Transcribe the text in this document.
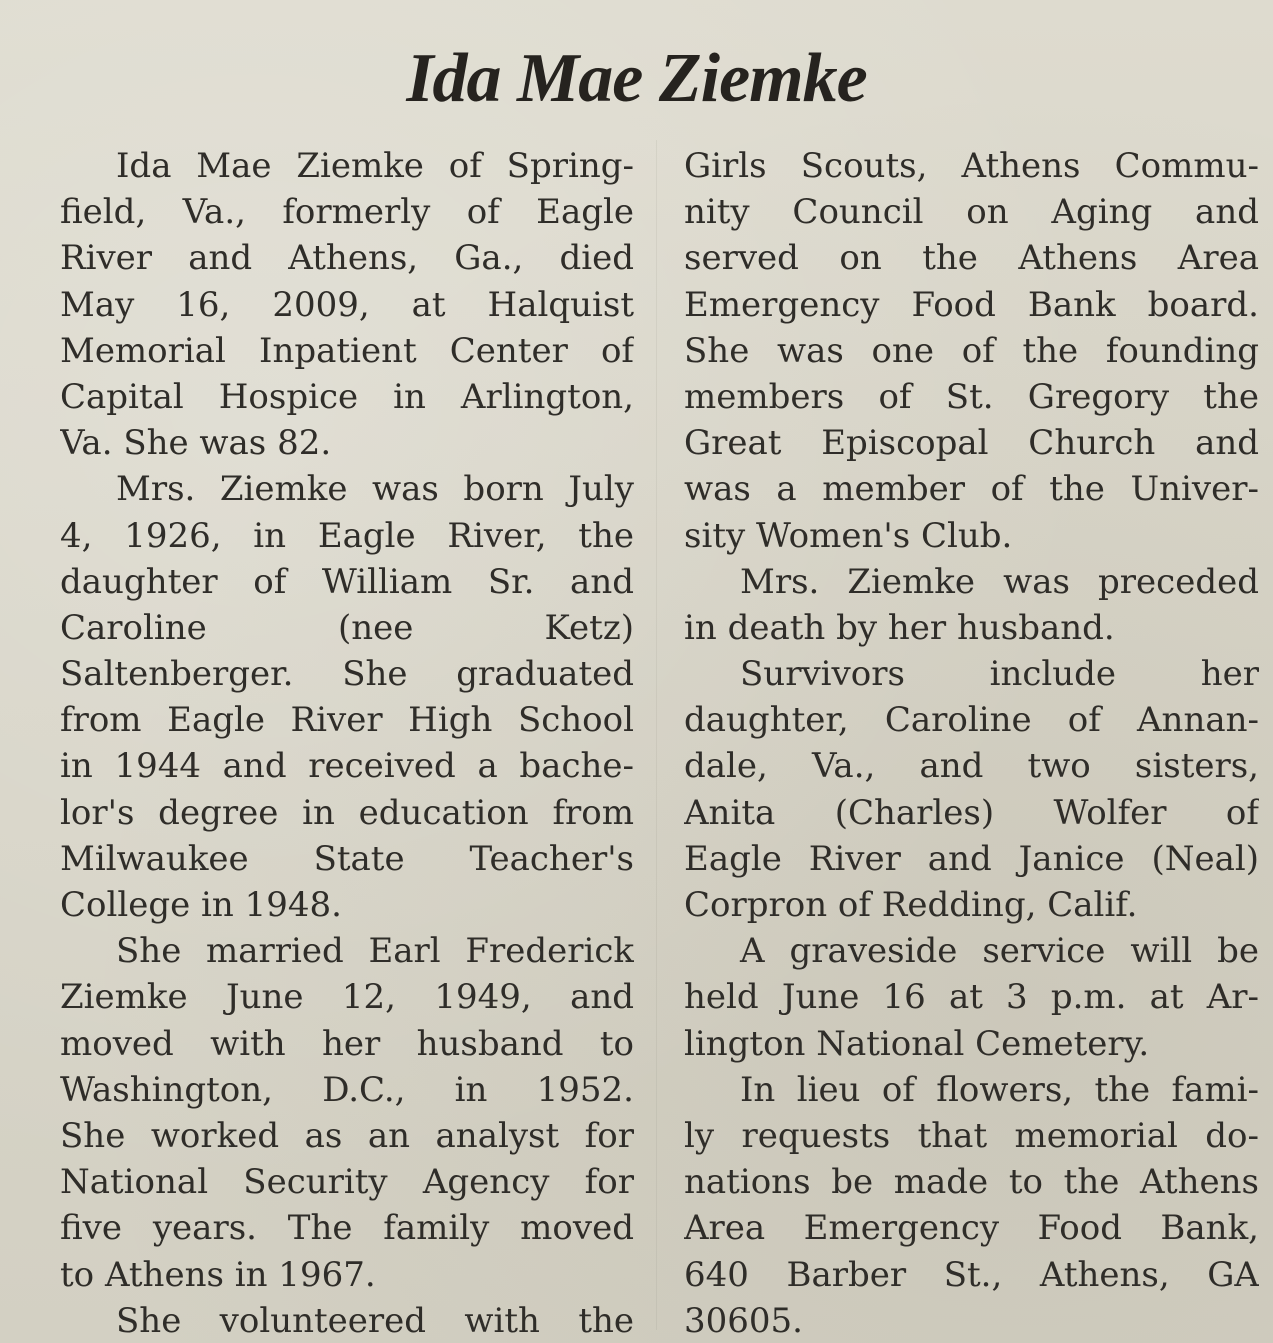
Ida Mae Ziemke
Ida Mae Ziemke of Spring-
field, Va., formerly of Eagle
River and Athens, Ga., died
May 16, 2009, at Halquist
Memorial Inpatient Center of
Capital Hospice in Arlington,
Va. She was 82.
Mrs. Ziemke was born July
4, 1926, in Eagle River, the
daughter of William Sr. and
Caroline (nee Ketz)
Saltenberger. She graduated
from Eagle River High School
in 1944 and received a bache-
lor's degree in education from
Milwaukee State Teacher's
College in 1948.
She married Earl Frederick
Ziemke June 12, 1949, and
moved with her husband to
Washington, D.C., in 1952.
She worked as an analyst for
National Security Agency for
five years. The family moved
to Athens in 1967.
She volunteered with the
Girls Scouts, Athens Commu-
nity Council on Aging and
served on the Athens Area
Emergency Food Bank board.
She was one of the founding
members of St. Gregory the
Great Episcopal Church and
was a member of the Univer-
sity Women's Club.
Mrs. Ziemke was preceded
in death by her husband.
Survivors include her
daughter, Caroline of Annan-
dale, Va., and two sisters,
Anita (Charles) Wolfer of
Eagle River and Janice (Neal)
Corpron of Redding, Calif.
A graveside service will be
held June 16 at 3 p.m. at Ar-
lington National Cemetery.
In lieu of flowers, the fami-
ly requests that memorial do-
nations be made to the Athens
Area Emergency Food Bank,
640 Barber St., Athens, GA
30605.
